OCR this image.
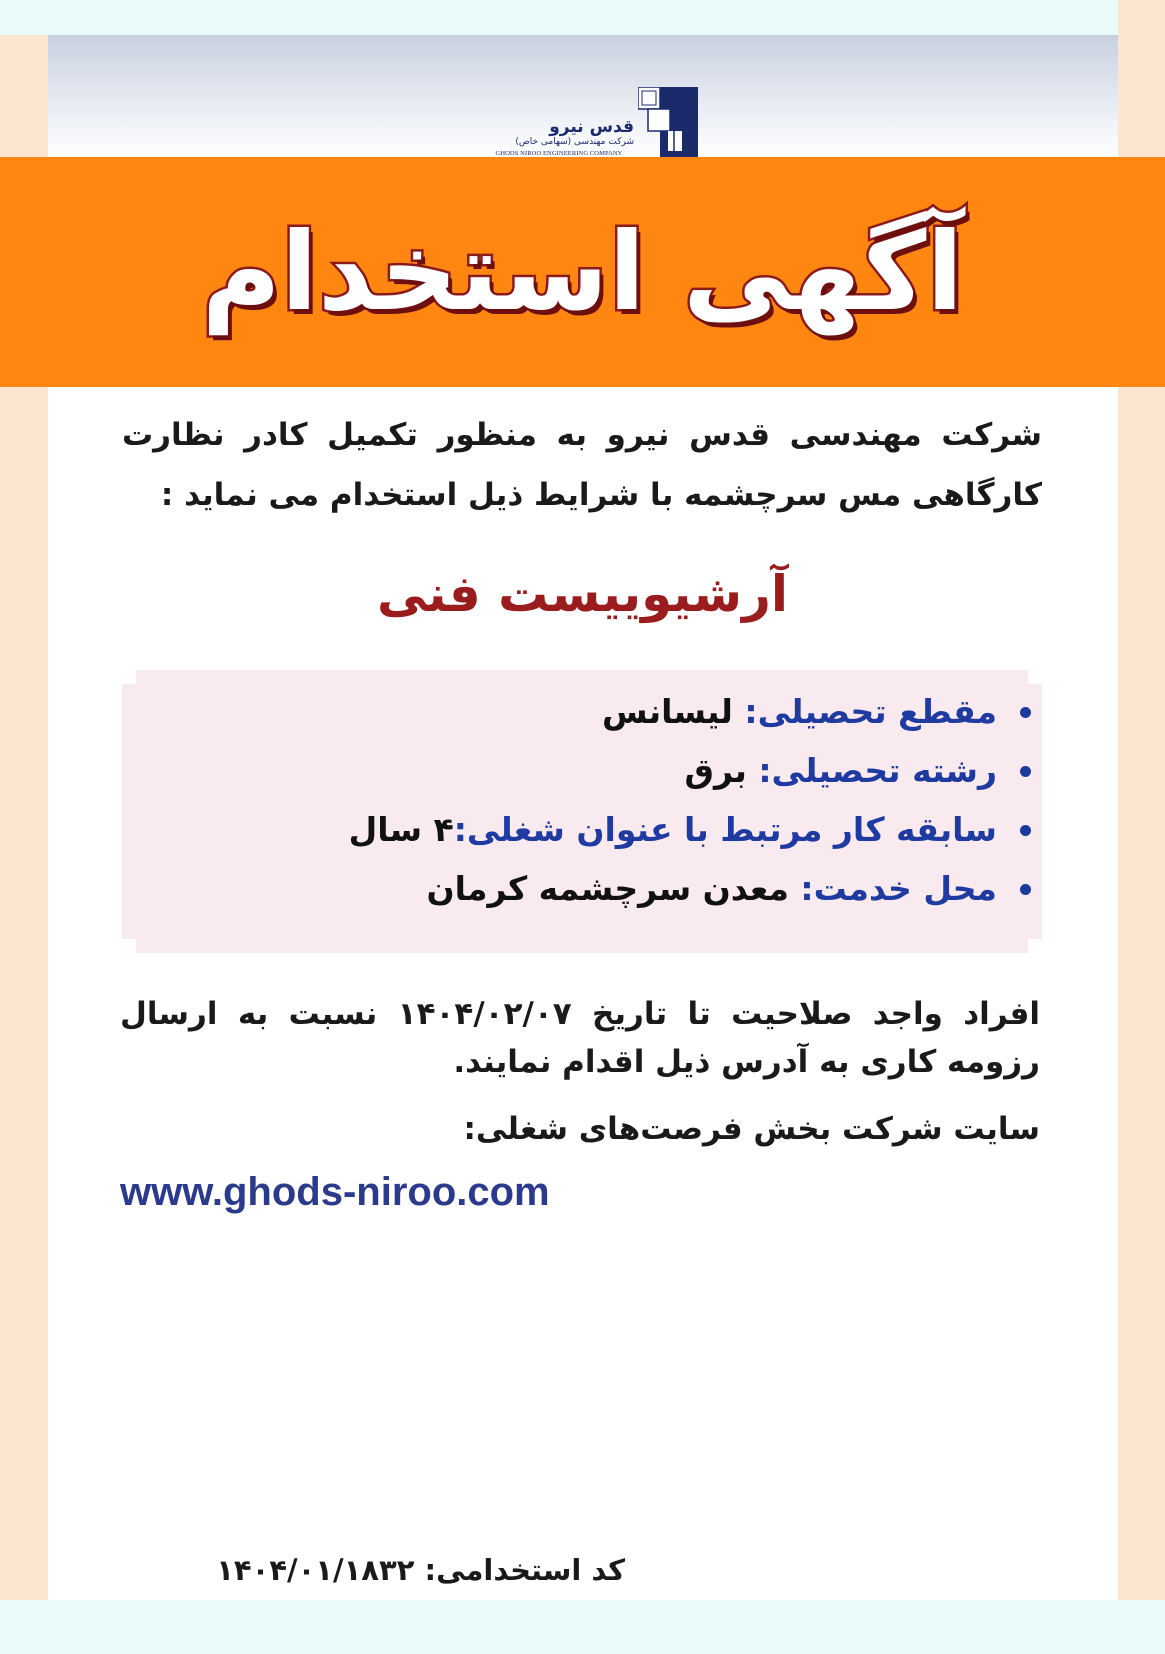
قدس نیرو
شرکت مهندسی (سهامی خاص)
GHODS NIROO ENGINEERING COMPANY
آگهی استخدام
شرکت مهندسی قدس نیرو به منظور تکمیل کادر نظارت کارگاهی مس سرچشمه با شرایط ذیل استخدام می نماید :
آرشیوییست فنی
مقطع تحصیلی: لیسانس
رشته تحصیلی: برق
سابقه کار مرتبط با عنوان شغلی:۴ سال
محل خدمت: معدن سرچشمه کرمان
افراد واجد صلاحیت تا تاریخ ۱۴۰۴/۰۲/۰۷ نسبت به ارسال رزومه کاری به آدرس ذیل اقدام نمایند.
سایت شرکت بخش فرصت‌های شغلی:
www.ghods-niroo.com
کد استخدامی: ۱۴۰۴/۰۱/۱۸۳۲
